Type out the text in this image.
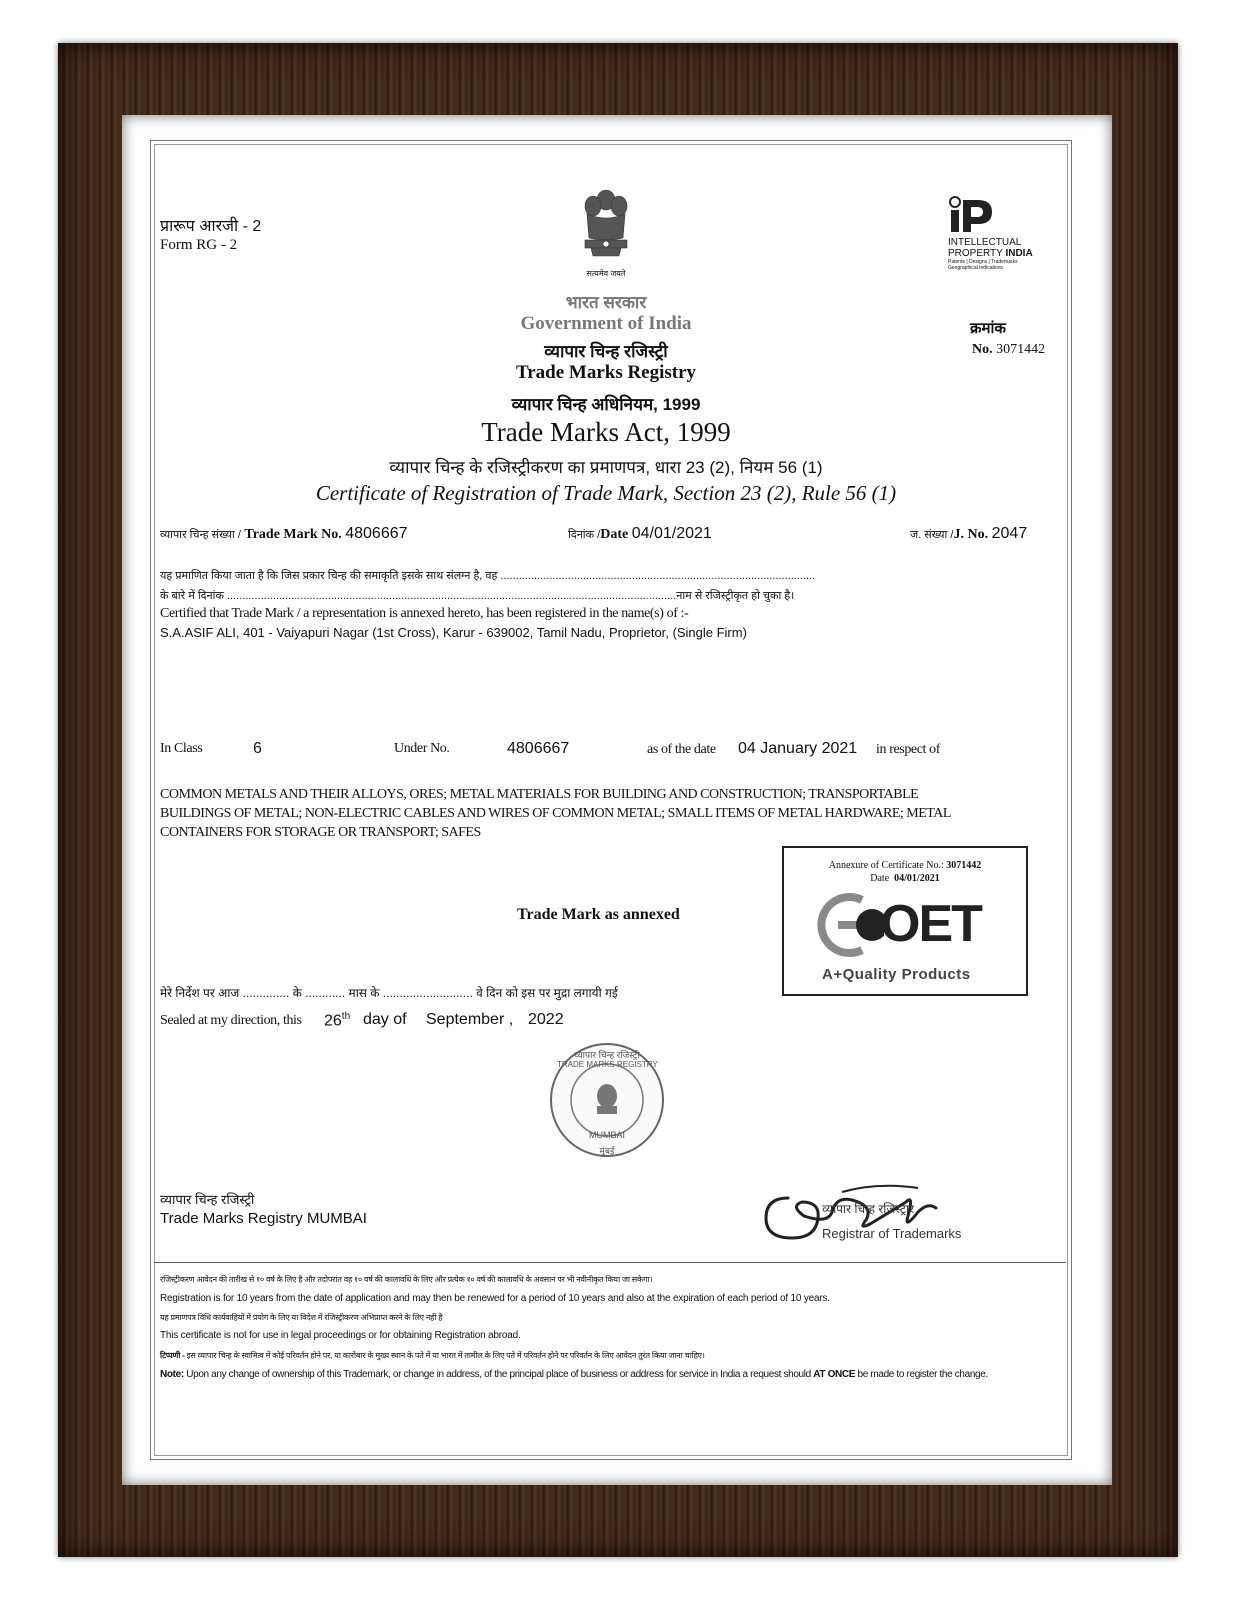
प्रारूप आरजी - 2
Form RG - 2
सत्यमेव जयते
INTELLECTUAL
PROPERTY INDIA
Patents | Designs | Trademarks
Geographical Indications
भारत सरकार
Government of India
व्यापार चिन्ह रजिस्ट्री
Trade Marks Registry
व्यापार चिन्ह अधिनियम, 1999
Trade Marks Act, 1999
व्यापार चिन्ह के रजिस्ट्रीकरण का प्रमाणपत्र, धारा 23 (2), नियम 56 (1)
Certificate of Registration of Trade Mark, Section 23 (2), Rule 56 (1)
क्रमांक
No. 3071442
व्यापार चिन्ह संख्या / Trade Mark No. 4806667	दिनांक /Date 04/01/2021	ज. संख्या /J. No. 2047
यह प्रमाणित किया जाता है कि जिस प्रकार चिन्ह की समाकृति इसके साथ संलग्न है, वह .......................................................................................................
के बारे में दिनांक ...................................................................................................................................................नाम से रजिस्ट्रीकृत हो चुका है।
Certified that Trade Mark / a representation is annexed hereto, has been registered in the name(s) of :-
S.A.ASIF ALI, 401 - Vaiyapuri Nagar (1st Cross), Karur - 639002, Tamil Nadu, Proprietor, (Single Firm)
In Class	6	Under No.	4806667	as of the date 04 January 2021 in respect of
COMMON METALS AND THEIR ALLOYS, ORES; METAL MATERIALS FOR BUILDING AND CONSTRUCTION; TRANSPORTABLE
BUILDINGS OF METAL; NON-ELECTRIC CABLES AND WIRES OF COMMON METAL; SMALL ITEMS OF METAL HARDWARE; METAL
CONTAINERS FOR STORAGE OR TRANSPORT; SAFES
Annexure of Certificate No.: 3071442
Date 04/01/2021
OET
A+Quality Products
Trade Mark as annexed
मेरे निर्देश पर आज .............. के ............ मास के ........................... वे दिन को इस पर मुद्रा लगायी गई
Sealed at my direction, this 26th day of September , 2022
व्यापार चिन्ह रजिस्ट्री
TRADE MARKS REGISTRY
MUMBAI
मुंबई
व्यापार चिन्ह रजिस्ट्री
Trade Marks Registry MUMBAI
व्यापार चिन्ह रजिस्ट्रार
Registrar of Trademarks
रजिस्ट्रीकरण आवेदन की तारीख से १० वर्ष के लिए है और तदोपरांत वह १० वर्ष की कालावधि के लिए और प्रत्येक १० वर्ष की कालावधि के अवसान पर भी नवीनीकृत किया जा सकेगा।
Registration is for 10 years from the date of application and may then be renewed for a period of 10 years and also at the expiration of each period of 10 years.
यह प्रमाणपत्र विधि कार्यवाहियों में प्रयोग के लिए या विदेश में रजिस्ट्रीकरण अभिप्राप्त करने के लिए नहीं है
This certificate is not for use in legal proceedings or for obtaining Registration abroad.
टिप्पणी - इस व्यापार चिन्ह के स्वामित्व में कोई परिवर्तन होने पर, या कारोबार के मुख्य स्थान के पते में या भारत में तामील के लिए पते में परिवर्तन होने पर परिवर्तन के लिए आवेदन तुरंत किया जाना चाहिए।
Note: Upon any change of ownership of this Trademark, or change in address, of the principal place of business or address for service in India a request should AT ONCE be made to register the change.
